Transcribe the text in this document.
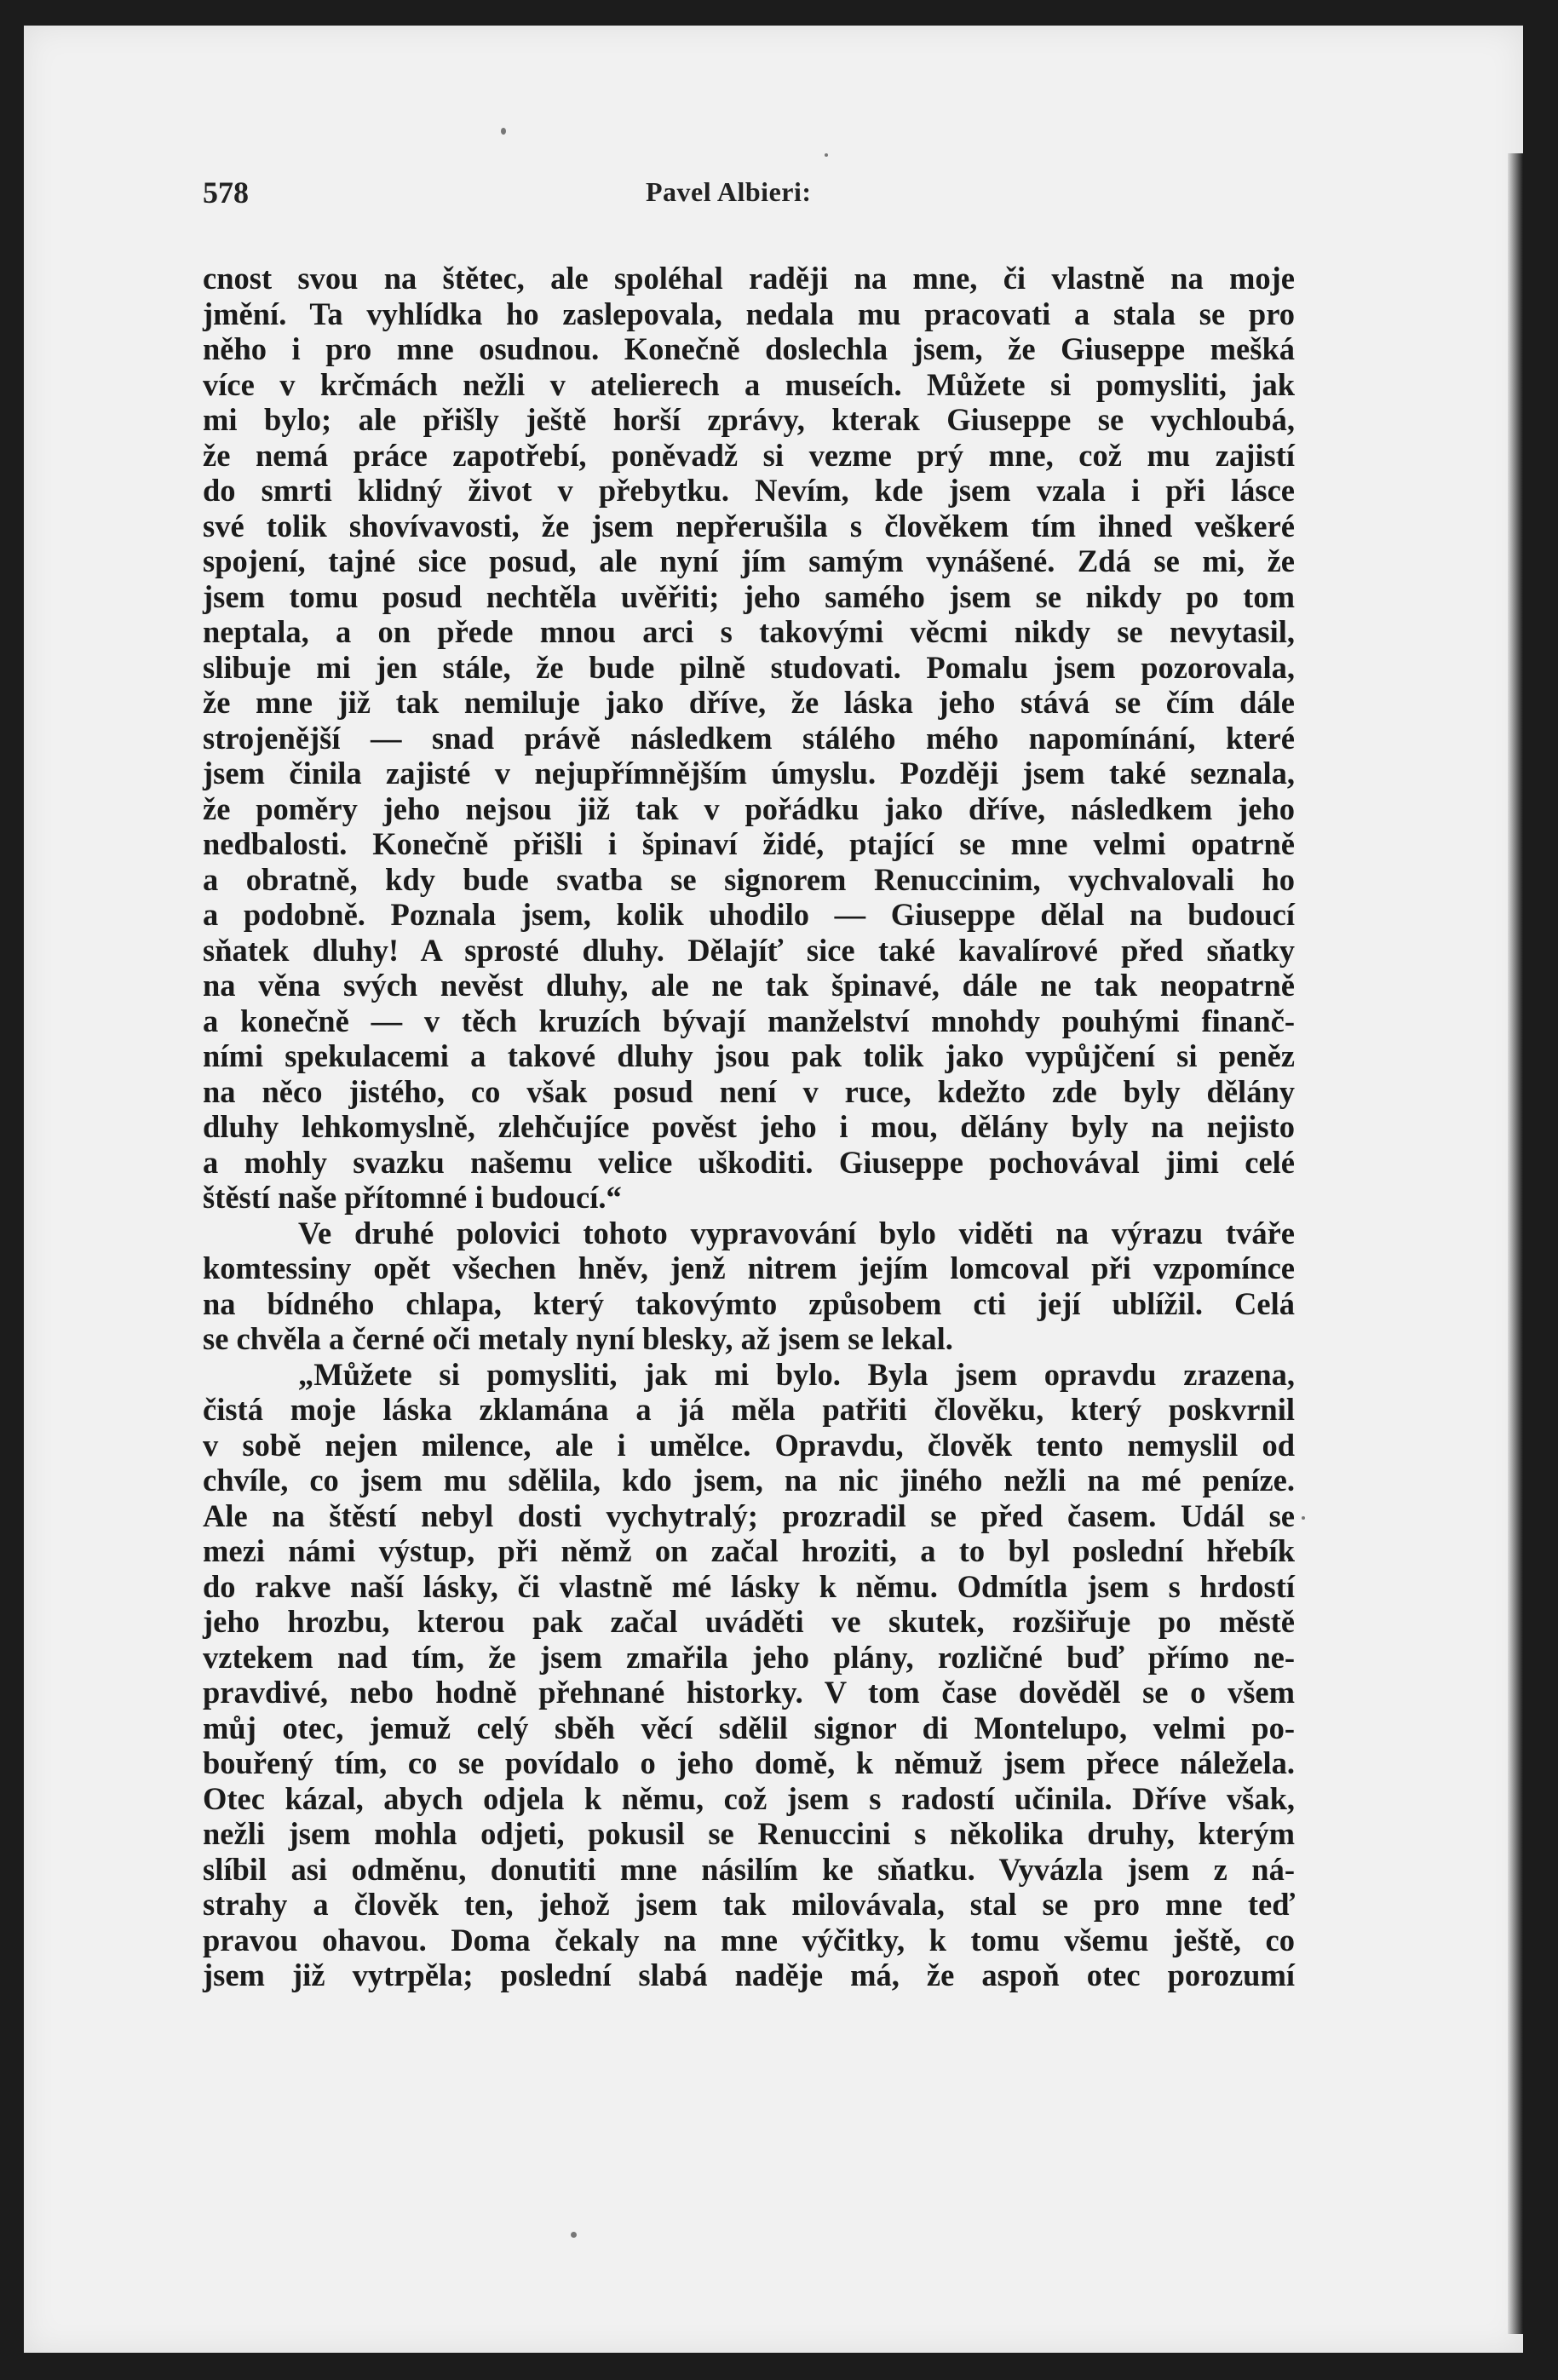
578	Pavel Albieri:
cnost svou na štětec, ale spoléhal raději na mne, či vlastně na moje
jmění. Ta vyhlídka ho zaslepovala, nedala mu pracovati a stala se pro
něho i pro mne osudnou. Konečně doslechla jsem, že Giuseppe mešká
více v krčmách nežli v atelierech a museích. Můžete si pomysliti, jak
mi bylo; ale přišly ještě horší zprávy, kterak Giuseppe se vychloubá,
že nemá práce zapotřebí, poněvadž si vezme prý mne, což mu zajistí
do smrti klidný život v přebytku. Nevím, kde jsem vzala i při lásce
své tolik shovívavosti, že jsem nepřerušila s člověkem tím ihned veškeré
spojení, tajné sice posud, ale nyní jím samým vynášené. Zdá se mi, že
jsem tomu posud nechtěla uvěřiti; jeho samého jsem se nikdy po tom
neptala, a on přede mnou arci s takovými věcmi nikdy se nevytasil,
slibuje mi jen stále, že bude pilně studovati. Pomalu jsem pozorovala,
že mne již tak nemiluje jako dříve, že láska jeho stává se čím dále
strojenější — snad právě následkem stálého mého napomínání, které
jsem činila zajisté v nejupřímnějším úmyslu. Později jsem také seznala,
že poměry jeho nejsou již tak v pořádku jako dříve, následkem jeho
nedbalosti. Konečně přišli i špinaví židé, ptající se mne velmi opatrně
a obratně, kdy bude svatba se signorem Renuccinim, vychvalovali ho
a podobně. Poznala jsem, kolik uhodilo — Giuseppe dělal na budoucí
sňatek dluhy! A sprosté dluhy. Dělajíť sice také kavalírové před sňatky
na věna svých nevěst dluhy, ale ne tak špinavé, dále ne tak neopatrně
a konečně — v těch kruzích bývají manželství mnohdy pouhými finanč-
ními spekulacemi a takové dluhy jsou pak tolik jako vypůjčení si peněz
na něco jistého, co však posud není v ruce, kdežto zde byly dělány
dluhy lehkomyslně, zlehčujíce pověst jeho i mou, dělány byly na nejisto
a mohly svazku našemu velice uškoditi. Giuseppe pochovával jimi celé
štěstí naše přítomné i budoucí.“
Ve druhé polovici tohoto vypravování bylo viděti na výrazu tváře
komtessiny opět všechen hněv, jenž nitrem jejím lomcoval při vzpomínce
na bídného chlapa, který takovýmto způsobem cti její ublížil. Celá
se chvěla a černé oči metaly nyní blesky, až jsem se lekal.
„Můžete si pomysliti, jak mi bylo. Byla jsem opravdu zrazena,
čistá moje láska zklamána a já měla patřiti člověku, který poskvrnil
v sobě nejen milence, ale i umělce. Opravdu, člověk tento nemyslil od
chvíle, co jsem mu sdělila, kdo jsem, na nic jiného nežli na mé peníze.
Ale na štěstí nebyl dosti vychytralý; prozradil se před časem. Udál se
mezi námi výstup, při němž on začal hroziti, a to byl poslední hřebík
do rakve naší lásky, či vlastně mé lásky k němu. Odmítla jsem s hrdostí
jeho hrozbu, kterou pak začal uváděti ve skutek, rozšiřuje po městě
vztekem nad tím, že jsem zmařila jeho plány, rozličné buď přímo ne-
pravdivé, nebo hodně přehnané historky. V tom čase dověděl se o všem
můj otec, jemuž celý sběh věcí sdělil signor di Montelupo, velmi po-
bouřený tím, co se povídalo o jeho domě, k němuž jsem přece náležela.
Otec kázal, abych odjela k němu, což jsem s radostí učinila. Dříve však,
nežli jsem mohla odjeti, pokusil se Renuccini s několika druhy, kterým
slíbil asi odměnu, donutiti mne násilím ke sňatku. Vyvázla jsem z ná-
strahy a člověk ten, jehož jsem tak milovávala, stal se pro mne teď
pravou ohavou. Doma čekaly na mne výčitky, k tomu všemu ještě, co
jsem již vytrpěla; poslední slabá naděje má, že aspoň otec porozumí
